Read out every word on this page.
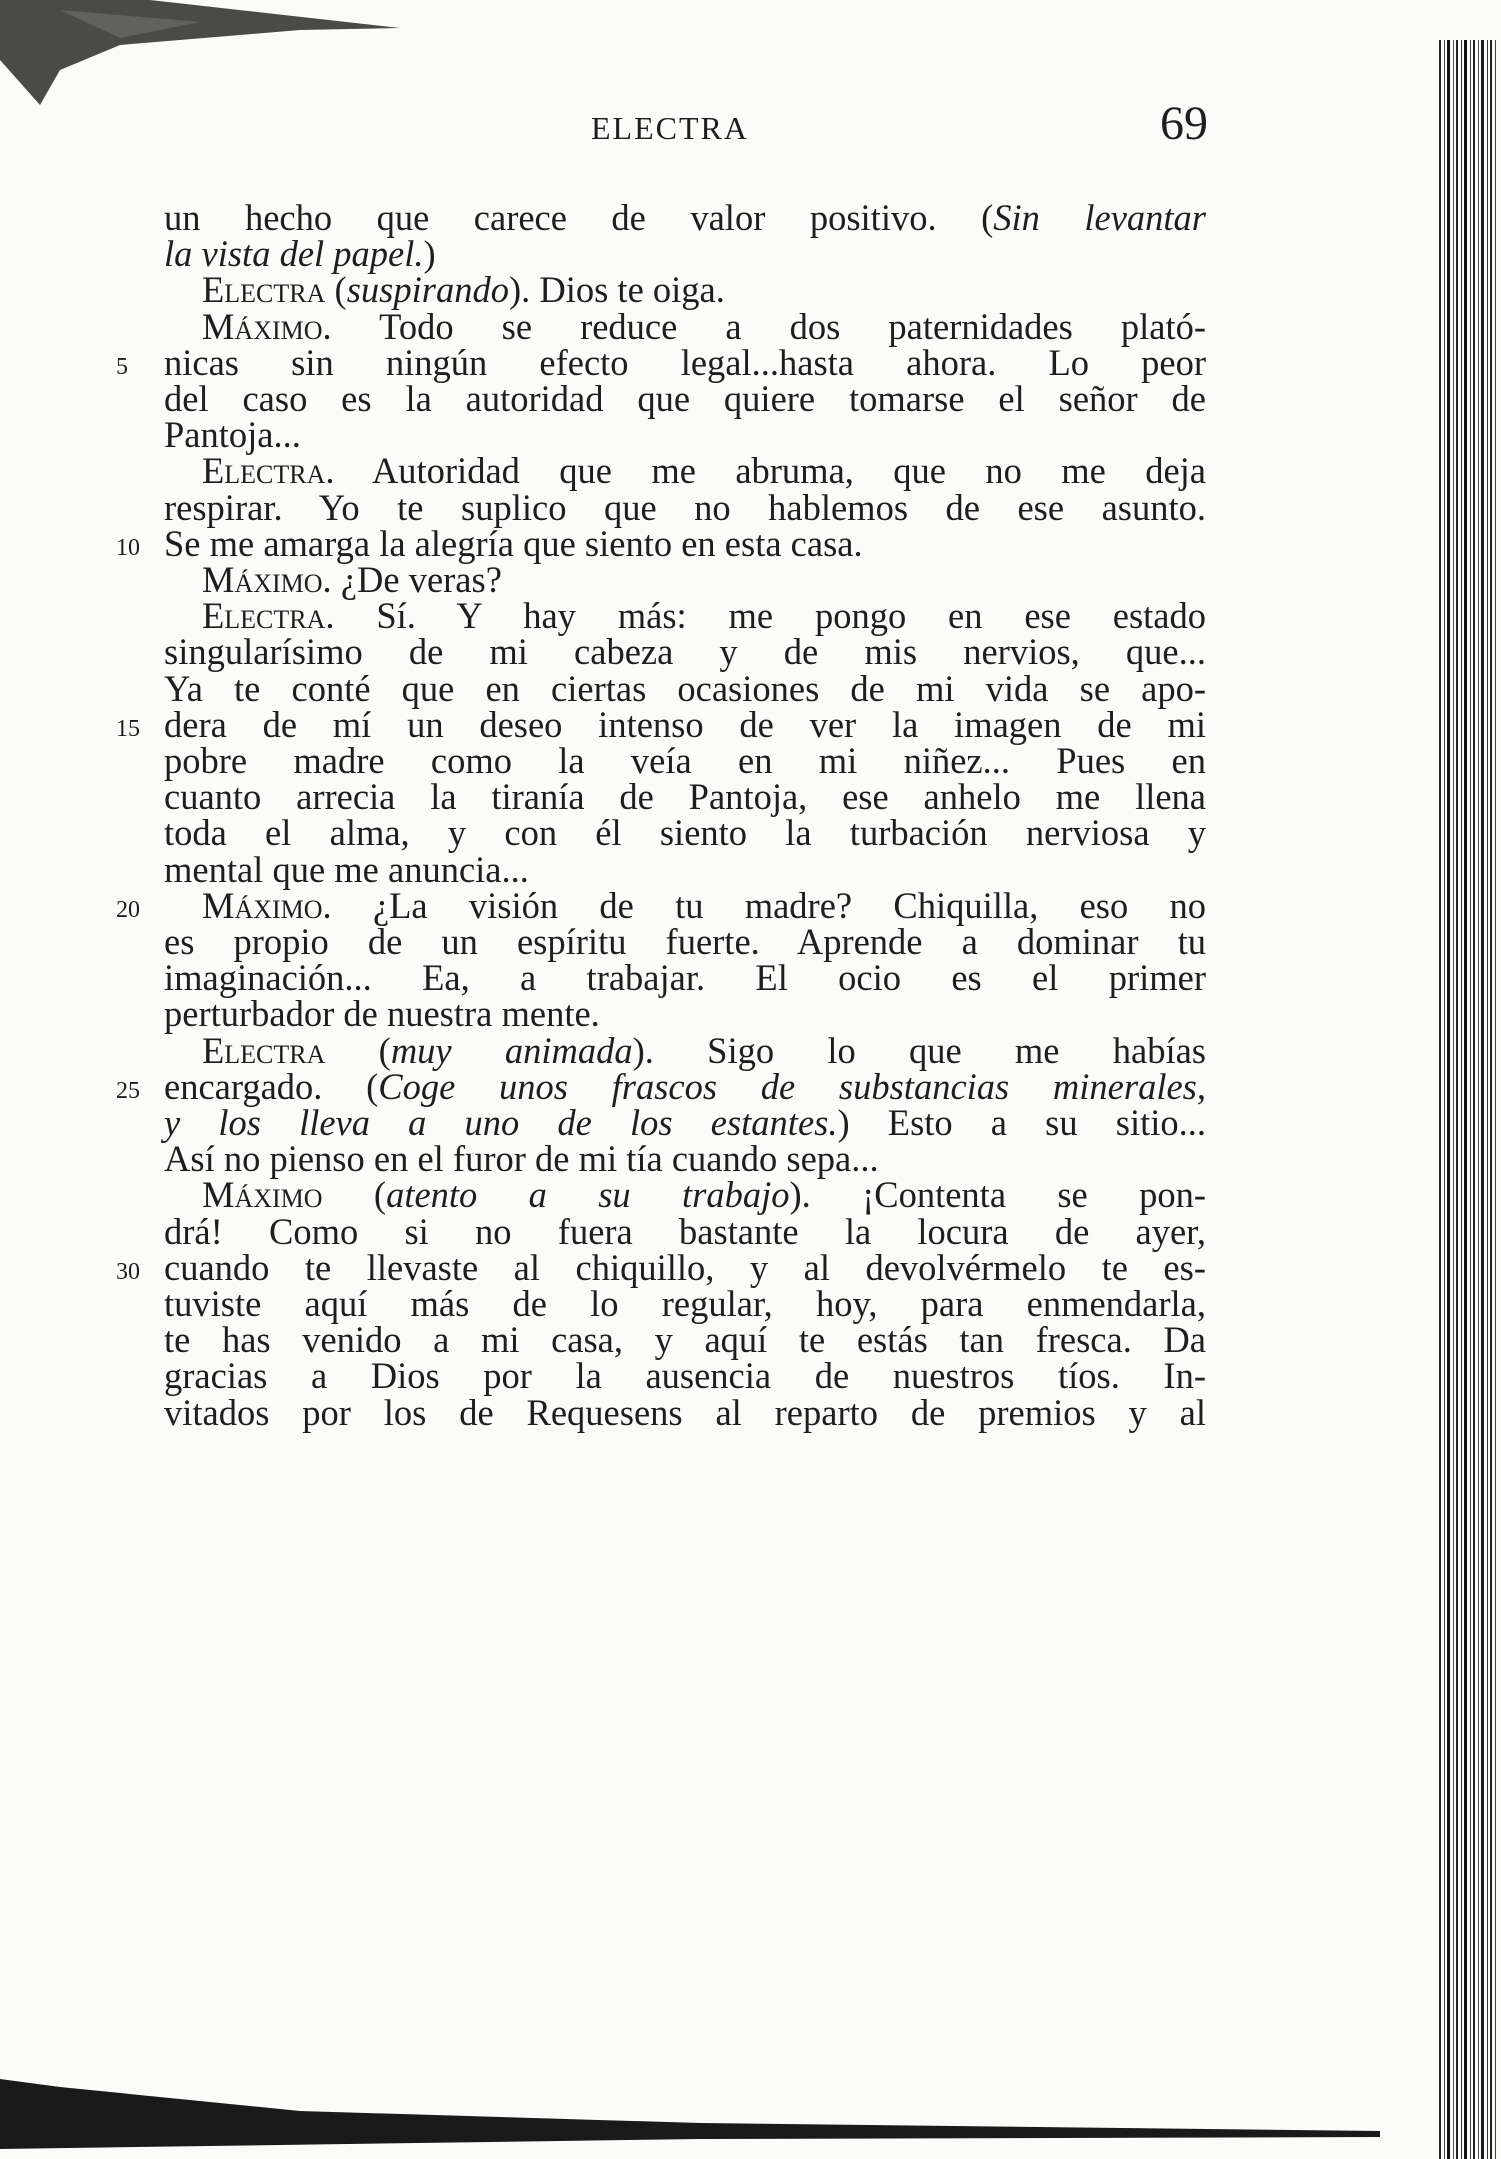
ELECTRA	69
un hecho que carece de valor positivo. (Sin levantar
la vista del papel.)
Electra (suspirando). Dios te oiga.
Máximo. Todo se reduce a dos paternidades plató-
nicas sin ningún efecto legal...hasta ahora. Lo peor
del caso es la autoridad que quiere tomarse el señor de
Pantoja...
Electra. Autoridad que me abruma, que no me deja
respirar. Yo te suplico que no hablemos de ese asunto.
Se me amarga la alegría que siento en esta casa.
Máximo. ¿De veras?
Electra. Sí. Y hay más: me pongo en ese estado
singularísimo de mi cabeza y de mis nervios, que...
Ya te conté que en ciertas ocasiones de mi vida se apo-
dera de mí un deseo intenso de ver la imagen de mi
pobre madre como la veía en mi niñez... Pues en
cuanto arrecia la tiranía de Pantoja, ese anhelo me llena
toda el alma, y con él siento la turbación nerviosa y
mental que me anuncia...
Máximo. ¿La visión de tu madre? Chiquilla, eso no
es propio de un espíritu fuerte. Aprende a dominar tu
imaginación... Ea, a trabajar. El ocio es el primer
perturbador de nuestra mente.
Electra (muy animada). Sigo lo que me habías
encargado. (Coge unos frascos de substancias minerales,
y los lleva a uno de los estantes.) Esto a su sitio...
Así no pienso en el furor de mi tía cuando sepa...
Máximo (atento a su trabajo). ¡Contenta se pon-
drá! Como si no fuera bastante la locura de ayer,
cuando te llevaste al chiquillo, y al devolvérmelo te es-
tuviste aquí más de lo regular, hoy, para enmendarla,
te has venido a mi casa, y aquí te estás tan fresca. Da
gracias a Dios por la ausencia de nuestros tíos. In-
vitados por los de Requesens al reparto de premios y al
5
10
15
20
25
30
